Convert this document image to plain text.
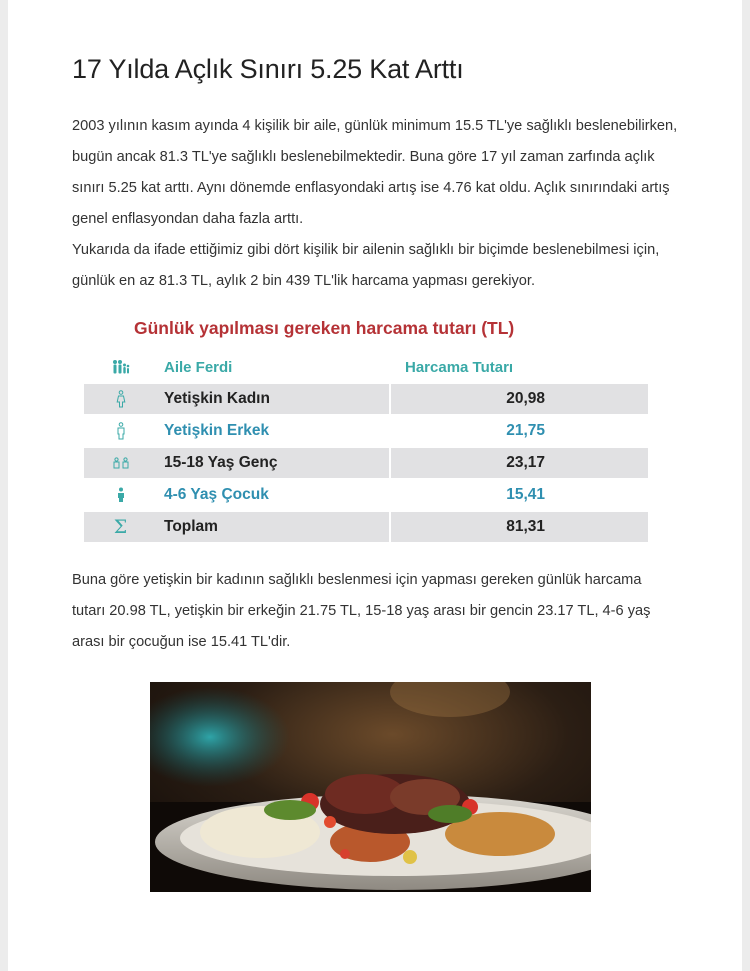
17 Yılda Açlık Sınırı 5.25 Kat Arttı

2003 yılının kasım ayında 4 kişilik bir aile, günlük minimum 15.5 TL'ye sağlıklı beslenebilirken, bugün ancak 81.3 TL'ye sağlıklı beslenebilmektedir. Buna göre 17 yıl zaman zarfında açlık sınırı 5.25 kat arttı. Aynı dönemde enflasyondaki artış ise 4.76 kat oldu. Açlık sınırındaki artış genel enflasyondan daha fazla arttı.

Yukarıda da ifade ettiğimiz gibi dört kişilik bir ailenin sağlıklı bir biçimde beslenebilmesi için, günlük en az 81.3 TL, aylık 2 bin 439 TL'lik harcama yapması gerekiyor.

Günlük yapılması gereken harcama tutarı (TL)
Aile Ferdi	Harcama Tutarı
Yetişkin Kadın	20,98
Yetişkin Erkek	21,75
15-18 Yaş Genç	23,17
4-6 Yaş Çocuk	15,41
Σ	Toplam	81,31

Buna göre yetişkin bir kadının sağlıklı beslenmesi için yapması gereken günlük harcama tutarı 20.98 TL, yetişkin bir erkeğin 21.75 TL, 15-18 yaş arası bir gencin 23.17 TL, 4-6 yaş arası bir çocuğun ise 15.41 TL'dir.
